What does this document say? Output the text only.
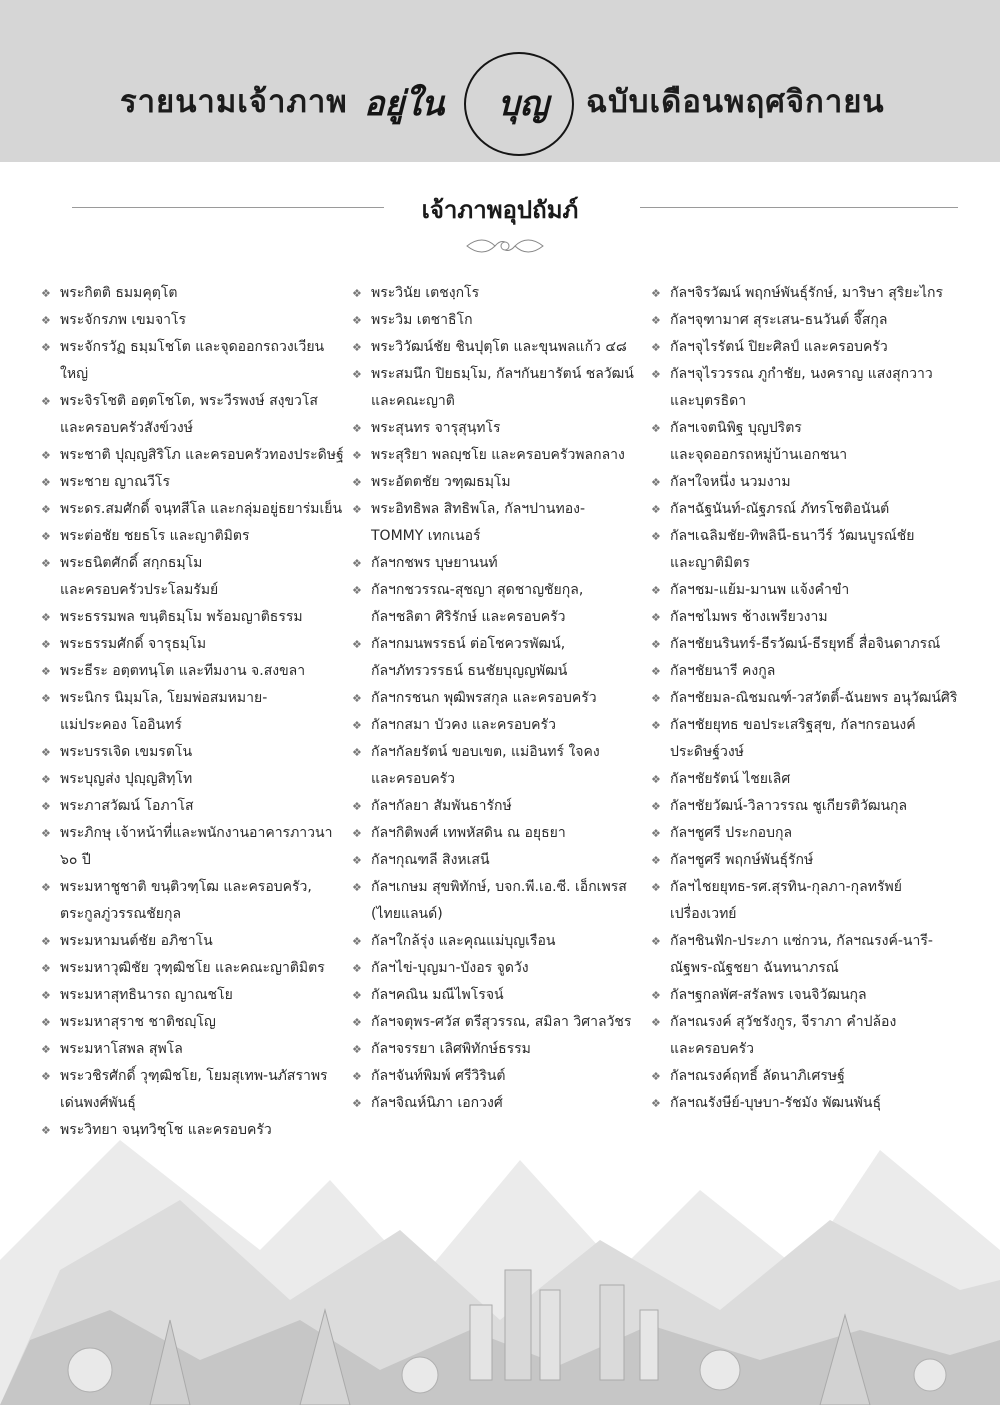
รายนามเจ้าภาพ อยู่ใน บุญ ฉบับเดือนพฤศจิกายน
เจ้าภาพอุปถัมภ์
❖ พระกิตติ ธมมคุตฺโต
❖ พระจักรภพ เขมจาโร
❖ พระจักรวัฏ ธมฺมโชโต และจุดออกรถวงเวียนใหญ่
❖ พระจิรโชติ อตฺตโชโต, พระวีรพงษ์ สงฺขวโส
และครอบครัวสังข์วงษ์
❖ พระชาติ ปุญฺญสิริโภ และครอบครัวทองประดิษฐ์
❖ พระชาย ญาณวีโร
❖ พระดร.สมศักดิ์ จนฺทสีโล และกลุ่มอยู่ธยาร่มเย็น
❖ พระต่อชัย ชยธโร และญาติมิตร
❖ พระธนิตศักดิ์ สกฺกธมฺโม
และครอบครัวประโลมรัมย์
❖ พระธรรมพล ขนฺติธมฺโม พร้อมญาติธรรม
❖ พระธรรมศักดิ์ จารุธมฺโม
❖ พระธีระ อตฺตทนฺโต และทีมงาน จ.สงขลา
❖ พระนิกร นิมฺมโล, โยมพ่อสมหมาย-
แม่ประคอง โออินทร์
❖ พระบรรเจิด เขมรตโน
❖ พระบุญส่ง ปุญฺญสิทฺโท
❖ พระภาสวัฒน์ โอภาโส
❖ พระภิกษุ เจ้าหน้าที่และพนักงานอาคารภาวนา
๖๐ ปี
❖ พระมหาชูชาติ ขนฺติวฑฺโฒ และครอบครัว,
ตระกูลภู่วรรณชัยกุล
❖ พระมหามนต์ชัย อภิชาโน
❖ พระมหาวุฒิชัย วุฑฺฒิชโย และคณะญาติมิตร
❖ พระมหาสุทธินารถ ญาณชโย
❖ พระมหาสุราช ชาติชญฺโญ
❖ พระมหาโสพล สุพโล
❖ พระวชิรศักดิ์ วุฑฺฒิชโย, โยมสุเทพ-นภัสราพร
เด่นพงศ์พันธุ์
❖ พระวิทยา จนฺทวิชฺโช และครอบครัว
❖ พระวินัย เตชงฺกโร
❖ พระวิม เตชาธิโก
❖ พระวิวัฒน์ชัย ชินปุตฺโต และขุนพลแก้ว ๔๘
❖ พระสมนึก ปิยธมฺโม, กัลฯกันยารัตน์ ชลวัฒน์
และคณะญาติ
❖ พระสุนทร จารุสุนฺทโร
❖ พระสุริยา พลญฺชโย และครอบครัวพลกลาง
❖ พระอัตตชัย วฑฺฒธมฺโม
❖ พระอิทธิพล สิทธิพโล, กัลฯปานทอง-
TOMMY เทกเนอร์
❖ กัลฯกชพร บุษยานนท์
❖ กัลฯกชวรรณ-สุชญา สุดชาญชัยกุล,
กัลฯชลิตา ศิริรักษ์ และครอบครัว
❖ กัลฯกมนพรรธน์ ต่อโชควรพัฒน์,
กัลฯภัทรวรรธน์ ธนชัยบุญญพัฒน์
❖ กัลฯกรชนก พุฒิพรสกุล และครอบครัว
❖ กัลฯกสมา บัวคง และครอบครัว
❖ กัลฯกัลยรัตน์ ขอบเขต, แม่อินทร์ ใจคง
และครอบครัว
❖ กัลฯกัลยา สัมพันธารักษ์
❖ กัลฯกิติพงศ์ เทพหัสดิน ณ อยุธยา
❖ กัลฯกุณฑลี สิงหเสนี
❖ กัลฯเกษม สุขพิทักษ์, บจก.พี.เอ.ซี. เอ็กเพรส
(ไทยแลนด์)
❖ กัลฯใกล้รุ่ง และคุณแม่บุญเรือน
❖ กัลฯไข่-บุญมา-บังอร จูดวัง
❖ กัลฯคณิน มณีไพโรจน์
❖ กัลฯจตุพร-ศวัส ตรีสุวรรณ, สมิลา วิศาลวัชร
❖ กัลฯจรรยา เลิศพิทักษ์ธรรม
❖ กัลฯจันท์พิมพ์ ศรีวิรินต์
❖ กัลฯจิณห์นิภา เอกวงศ์
❖ กัลฯจิรวัฒน์ พฤกษ์พันธุ์รักษ์, มาริษา สุริยะไกร
❖ กัลฯจุฑามาศ สุระเสน-ธนวันต์ จึ๊สกุล
❖ กัลฯจุไรรัตน์ ปิยะศิลป์ และครอบครัว
❖ กัลฯจุไรวรรณ ภูกำชัย, นงคราญ แสงสุกวาว
และบุตรธิดา
❖ กัลฯเจตนิพิฐ บุญปริตร
และจุดออกรถหมู่บ้านเอกชนา
❖ กัลฯใจหนึ่ง นวมงาม
❖ กัลฯฉัฐนันท์-ณัฐภรณ์ ภัทรโชติอนันต์
❖ กัลฯเฉลิมชัย-ทิพลินี-ธนาวีร์ วัฒนบูรณ์ชัย
และญาติมิตร
❖ กัลฯชม-แย้ม-มานพ แจ้งคำขำ
❖ กัลฯชไมพร ช้างเพรียวงาม
❖ กัลฯชัยนรินทร์-ธีรวัฒน์-ธีรยุทธิ์ สื่อจินดาภรณ์
❖ กัลฯชัยนารี คงกูล
❖ กัลฯชัยมล-ณิชมณฑ์-วสวัตติ์-ฉันยพร อนุวัฒน์ศิริ
❖ กัลฯชัยยุทธ ขอประเสริฐสุข, กัลฯกรอนงค์
ประดิษฐ์วงษ์
❖ กัลฯชัยรัตน์ ไชยเลิศ
❖ กัลฯชัยวัฒน์-วิลาวรรณ ชูเกียรติวัฒนกุล
❖ กัลฯชูศรี ประกอบกุล
❖ กัลฯชูศรี พฤกษ์พันธุ์รักษ์
❖ กัลฯไชยยุทธ-รศ.สุรทิน-กุลภา-กุลทรัพย์
เปรื่องเวทย์
❖ กัลฯชินฟัก-ประภา แซ่กวน, กัลฯณรงค์-นารี-
ณัฐพร-ณัฐชยา ฉันทนาภรณ์
❖ กัลฯฐกลพัศ-สรัลพร เจนจิวัฒนกุล
❖ กัลฯณรงค์ สุวัชรังกูร, จีราภา คำปล้อง
และครอบครัว
❖ กัลฯณรงค์ฤทธิ์ ลัดนาภิเศรษฐ์
❖ กัลฯณรังษีย์-บุษบา-รัชมัง พัฒนพันธุ์
